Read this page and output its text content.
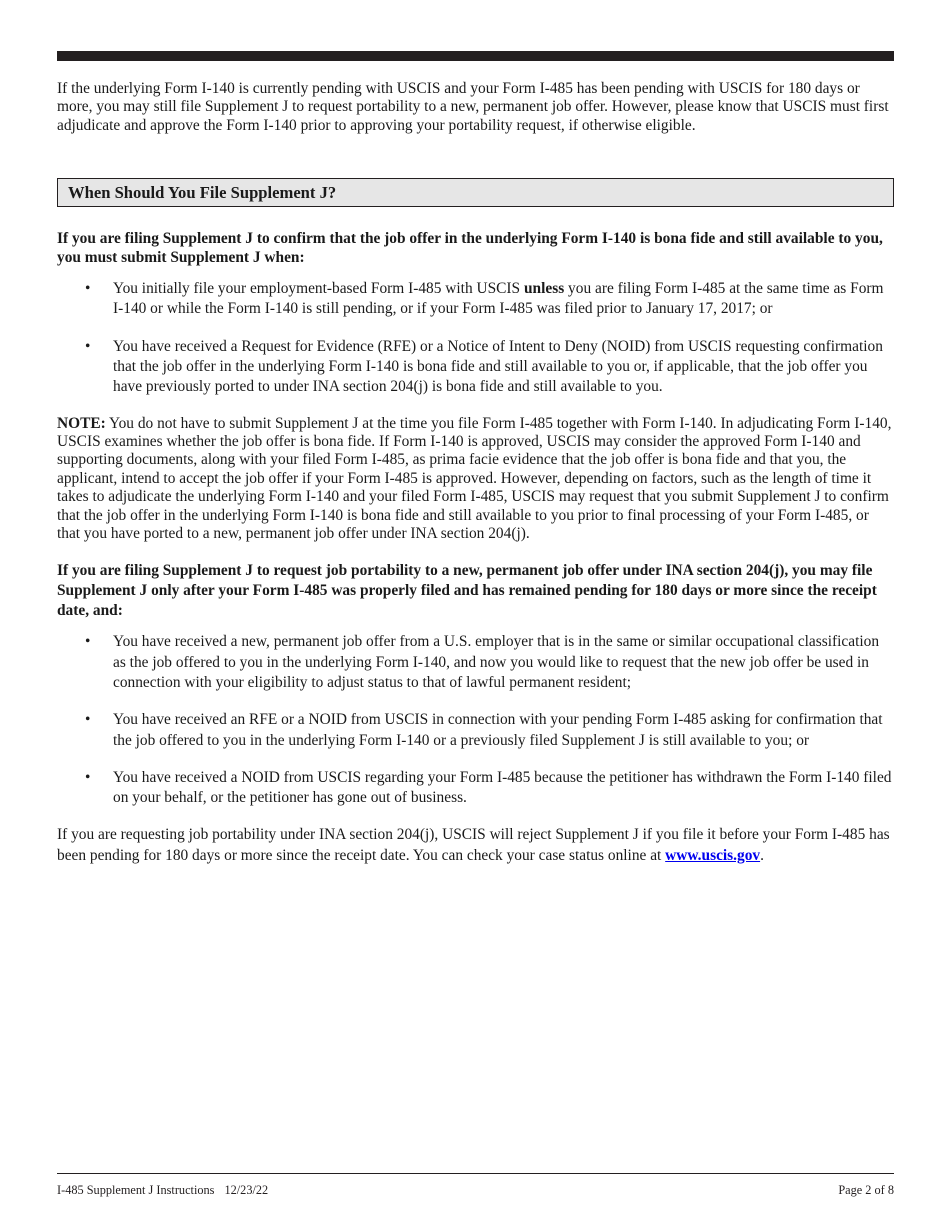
If the underlying Form I-140 is currently pending with USCIS and your Form I-485 has been pending with USCIS for 180 days or more, you may still file Supplement J to request portability to a new, permanent job offer. However, please know that USCIS must first adjudicate and approve the Form I-140 prior to approving your portability request, if otherwise eligible.

When Should You File Supplement J?

If you are filing Supplement J to confirm that the job offer in the underlying Form I-140 is bona fide and still available to you, you must submit Supplement J when:

• You initially file your employment-based Form I-485 with USCIS unless you are filing Form I-485 at the same time as Form I-140 or while the Form I-140 is still pending, or if your Form I-485 was filed prior to January 17, 2017; or
• You have received a Request for Evidence (RFE) or a Notice of Intent to Deny (NOID) from USCIS requesting confirmation that the job offer in the underlying Form I-140 is bona fide and still available to you or, if applicable, that the job offer you have previously ported to under INA section 204(j) is bona fide and still available to you.

NOTE: You do not have to submit Supplement J at the time you file Form I-485 together with Form I-140. In adjudicating Form I-140, USCIS examines whether the job offer is bona fide. If Form I-140 is approved, USCIS may consider the approved Form I-140 and supporting documents, along with your filed Form I-485, as prima facie evidence that the job offer is bona fide and that you, the applicant, intend to accept the job offer if your Form I-485 is approved. However, depending on factors, such as the length of time it takes to adjudicate the underlying Form I-140 and your filed Form I-485, USCIS may request that you submit Supplement J to confirm that the job offer in the underlying Form I-140 is bona fide and still available to you prior to final processing of your Form I-485, or that you have ported to a new, permanent job offer under INA section 204(j).

If you are filing Supplement J to request job portability to a new, permanent job offer under INA section 204(j), you may file Supplement J only after your Form I-485 was properly filed and has remained pending for 180 days or more since the receipt date, and:

• You have received a new, permanent job offer from a U.S. employer that is in the same or similar occupational classification as the job offered to you in the underlying Form I-140, and now you would like to request that the new job offer be used in connection with your eligibility to adjust status to that of lawful permanent resident;
• You have received an RFE or a NOID from USCIS in connection with your pending Form I-485 asking for confirmation that the job offered to you in the underlying Form I-140 or a previously filed Supplement J is still available to you; or
• You have received a NOID from USCIS regarding your Form I-485 because the petitioner has withdrawn the Form I-140 filed on your behalf, or the petitioner has gone out of business.

If you are requesting job portability under INA section 204(j), USCIS will reject Supplement J if you file it before your Form I-485 has been pending for 180 days or more since the receipt date. You can check your case status online at www.uscis.gov.

I-485 Supplement J Instructions 12/23/22	Page 2 of 8
